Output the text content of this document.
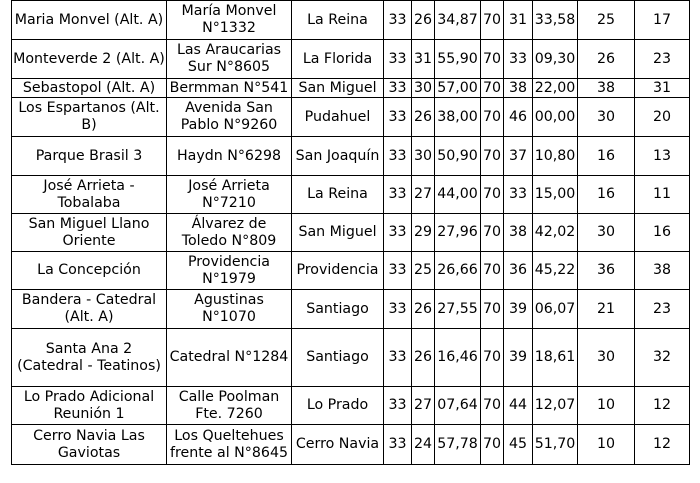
Maria Monvel (Alt. A)	María Monvel N°1332	La Reina	33	26	34,87	70	31	33,58	25	17
Monteverde 2 (Alt. A)	Las Araucarias Sur N°8605	La Florida	33	31	55,90	70	33	09,30	26	23
Sebastopol (Alt. A)	Bermman N°541	San Miguel	33	30	57,00	70	38	22,00	38	31
Los Espartanos (Alt. B)	Avenida San Pablo N°9260	Pudahuel	33	26	38,00	70	46	00,00	30	20
Parque Brasil 3	Haydn N°6298	San Joaquín	33	30	50,90	70	37	10,80	16	13
José Arrieta - Tobalaba	José Arrieta N°7210	La Reina	33	27	44,00	70	33	15,00	16	11
San Miguel Llano Oriente	Álvarez de Toledo N°809	San Miguel	33	29	27,96	70	38	42,02	30	16
La Concepción	Providencia N°1979	Providencia	33	25	26,66	70	36	45,22	36	38
Bandera - Catedral (Alt. A)	Agustinas N°1070	Santiago	33	26	27,55	70	39	06,07	21	23
Santa Ana 2 (Catedral - Teatinos)	Catedral N°1284	Santiago	33	26	16,46	70	39	18,61	30	32
Lo Prado Adicional Reunión 1	Calle Poolman Fte. 7260	Lo Prado	33	27	07,64	70	44	12,07	10	12
Cerro Navia Las Gaviotas	Los Queltehues frente al N°8645	Cerro Navia	33	24	57,78	70	45	51,70	10	12
